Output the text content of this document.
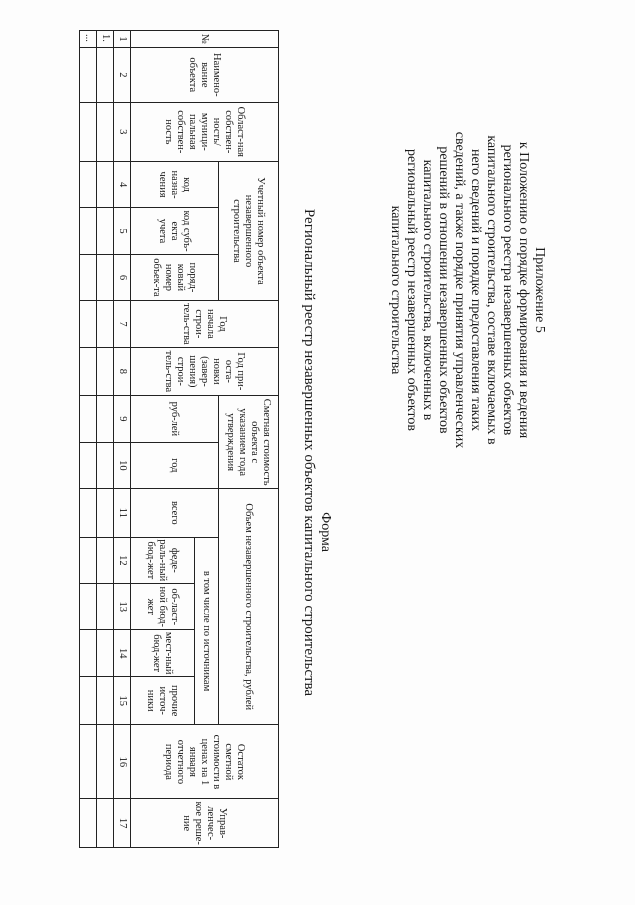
Приложение 5
к Положению о порядке формирования и ведения
регионального реестра незавершенных объектов
капитального строительства, составе включаемых в
него сведений и порядке предоставления таких
сведений, а также порядке принятия управленческих
решений в отношении незавершенных объектов
капитального строительства, включенных в
региональный реестр незавершенных объектов
капитального строительства
Форма
Региональный реестр незавершенных объектов капитального строительства
№	Наимено-вание объекта	Област-ная собствен-ность/ муници-пальная собствен-ность	Учетный номер объекта незавершенного строительства			Год начала строи-тель-ства	Год при-оста-новки (завер-шения) строи-тель-ства	Сметная стоимость объекта с указанием года утверждения		Объем незавершенного строительства, рублей					Остаток сметной стоимости в ценах на 1 января отчетного периода	Управ-ленчес-кое реше-ние
			код назна-чения	код субъ-екта учета	поряд-ковый номер объек-та			руб-лей	год	всего	в том числе по источникам					
											феде-раль-ный бюд-жет	об-ласт-ной бюд-жет	мест-ный бюд-жет	прочие источ-ники		
1	2	3	4	5	6	7	8	9	10	11	12	13	14	15	16	17
1.																
...																
